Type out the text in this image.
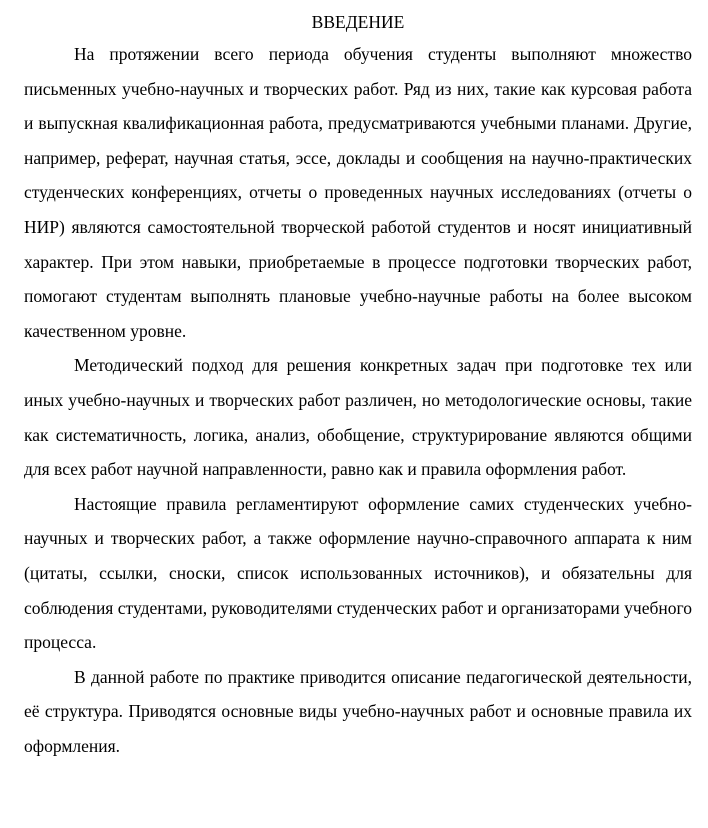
ВВЕДЕНИЕ

На протяжении всего периода обучения студенты выполняют множество письменных учебно-научных и творческих работ. Ряд из них, такие как курсовая работа и выпускная квалификационная работа, предусматриваются учебными планами. Другие, например, реферат, научная статья, эссе, доклады и сообщения на научно-практических студенческих конференциях, отчеты о проведенных научных исследованиях (отчеты о НИР) являются самостоятельной творческой работой студентов и носят инициативный характер. При этом навыки, приобретаемые в процессе подготовки творческих работ, помогают студентам выполнять плановые учебно-научные работы на более высоком качественном уровне.

Методический подход для решения конкретных задач при подготовке тех или иных учебно-научных и творческих работ различен, но методологические основы, такие как систематичность, логика, анализ, обобщение, структурирование являются общими для всех работ научной направленности, равно как и правила оформления работ.

Настоящие правила регламентируют оформление самих студенческих учебно-научных и творческих работ, а также оформление научно-справочного аппарата к ним (цитаты, ссылки, сноски, список использованных источников), и обязательны для соблюдения студентами, руководителями студенческих работ и организаторами учебного процесса.

В данной работе по практике приводится описание педагогической деятельности, её структура. Приводятся основные виды учебно-научных работ и основные правила их оформления.
